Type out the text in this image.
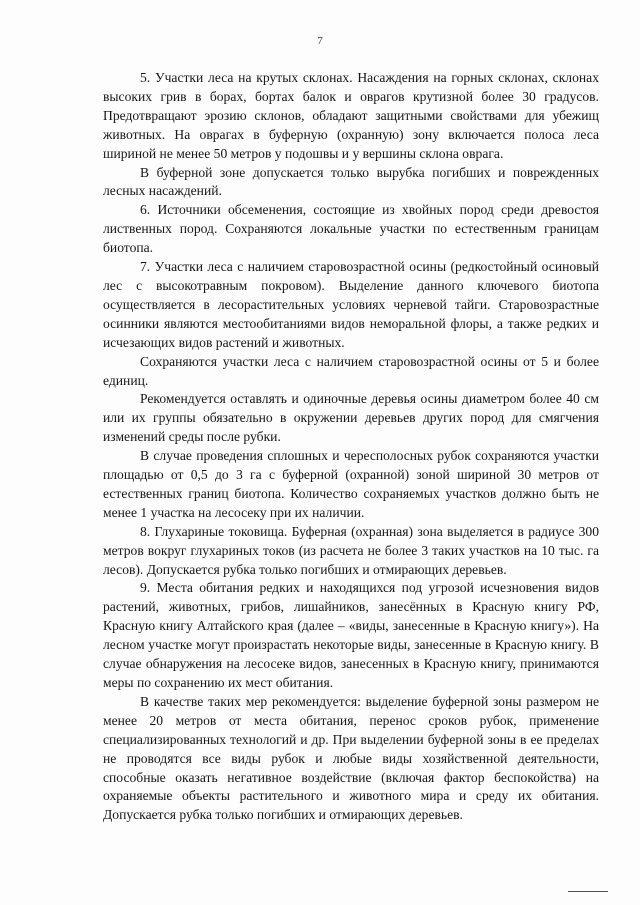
7

5. Участки леса на крутых склонах. Насаждения на горных склонах, склонах высоких грив в борах, бортах балок и оврагов крутизной более 30 градусов. Предотвращают эрозию склонов, обладают защитными свойствами для убежищ животных. На оврагах в буферную (охранную) зону включается полоса леса шириной не менее 50 метров у подошвы и у вершины склона оврага.

В буферной зоне допускается только вырубка погибших и поврежденных лесных насаждений.

6. Источники обсеменения, состоящие из хвойных пород среди древостоя лиственных пород. Сохраняются локальные участки по естественным границам биотопа.

7. Участки леса с наличием старовозрастной осины (редкостойный осиновый лес с высокотравным покровом). Выделение данного ключевого биотопа осуществляется в лесорастительных условиях черневой тайги. Старовозрастные осинники являются местообитаниями видов неморальной флоры, а также редких и исчезающих видов растений и животных.

Сохраняются участки леса с наличием старовозрастной осины от 5 и более единиц.

Рекомендуется оставлять и одиночные деревья осины диаметром более 40 см или их группы обязательно в окружении деревьев других пород для смягчения изменений среды после рубки.

В случае проведения сплошных и чересполосных рубок сохраняются участки площадью от 0,5 до 3 га с буферной (охранной) зоной шириной 30 метров от естественных границ биотопа. Количество сохраняемых участков должно быть не менее 1 участка на лесосеку при их наличии.

8. Глухариные токовища. Буферная (охранная) зона выделяется в радиусе 300 метров вокруг глухариных токов (из расчета не более 3 таких участков на 10 тыс. га лесов). Допускается рубка только погибших и отмирающих деревьев.

9. Места обитания редких и находящихся под угрозой исчезновения видов растений, животных, грибов, лишайников, занесённых в Красную книгу РФ, Красную книгу Алтайского края (далее – «виды, занесенные в Красную книгу»). На лесном участке могут произрастать некоторые виды, занесенные в Красную книгу. В случае обнаружения на лесосеке видов, занесенных в Красную книгу, принимаются меры по сохранению их мест обитания.

В качестве таких мер рекомендуется: выделение буферной зоны размером не менее 20 метров от места обитания, перенос сроков рубок, применение специализированных технологий и др. При выделении буферной зоны в ее пределах не проводятся все виды рубок и любые виды хозяйственной деятельности, способные оказать негативное воздействие (включая фактор беспокойства) на охраняемые объекты растительного и животного мира и среду их обитания. Допускается рубка только погибших и отмирающих деревьев.
